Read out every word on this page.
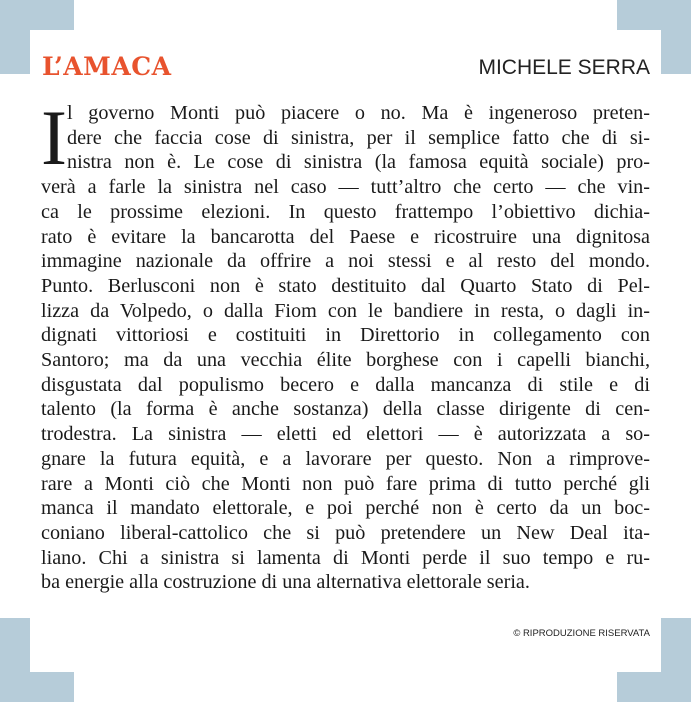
L’AMACA	MICHELE SERRA
I l governo Monti può piacere o no. Ma è ingeneroso preten-
dere che faccia cose di sinistra, per il semplice fatto che di si-
nistra non è. Le cose di sinistra (la famosa equità sociale) pro-
verà a farle la sinistra nel caso — tutt’altro che certo — che vin-
ca le prossime elezioni. In questo frattempo l’obiettivo dichia-
rato è evitare la bancarotta del Paese e ricostruire una dignitosa
immagine nazionale da offrire a noi stessi e al resto del mondo.
Punto. Berlusconi non è stato destituito dal Quarto Stato di Pel-
lizza da Volpedo, o dalla Fiom con le bandiere in resta, o dagli in-
dignati vittoriosi e costituiti in Direttorio in collegamento con
Santoro; ma da una vecchia élite borghese con i capelli bianchi,
disgustata dal populismo becero e dalla mancanza di stile e di
talento (la forma è anche sostanza) della classe dirigente di cen-
trodestra. La sinistra — eletti ed elettori — è autorizzata a so-
gnare la futura equità, e a lavorare per questo. Non a rimprove-
rare a Monti ciò che Monti non può fare prima di tutto perché gli
manca il mandato elettorale, e poi perché non è certo da un boc-
coniano liberal-cattolico che si può pretendere un New Deal ita-
liano. Chi a sinistra si lamenta di Monti perde il suo tempo e ru-
ba energie alla costruzione di una alternativa elettorale seria.
© RIPRODUZIONE RISERVATA
